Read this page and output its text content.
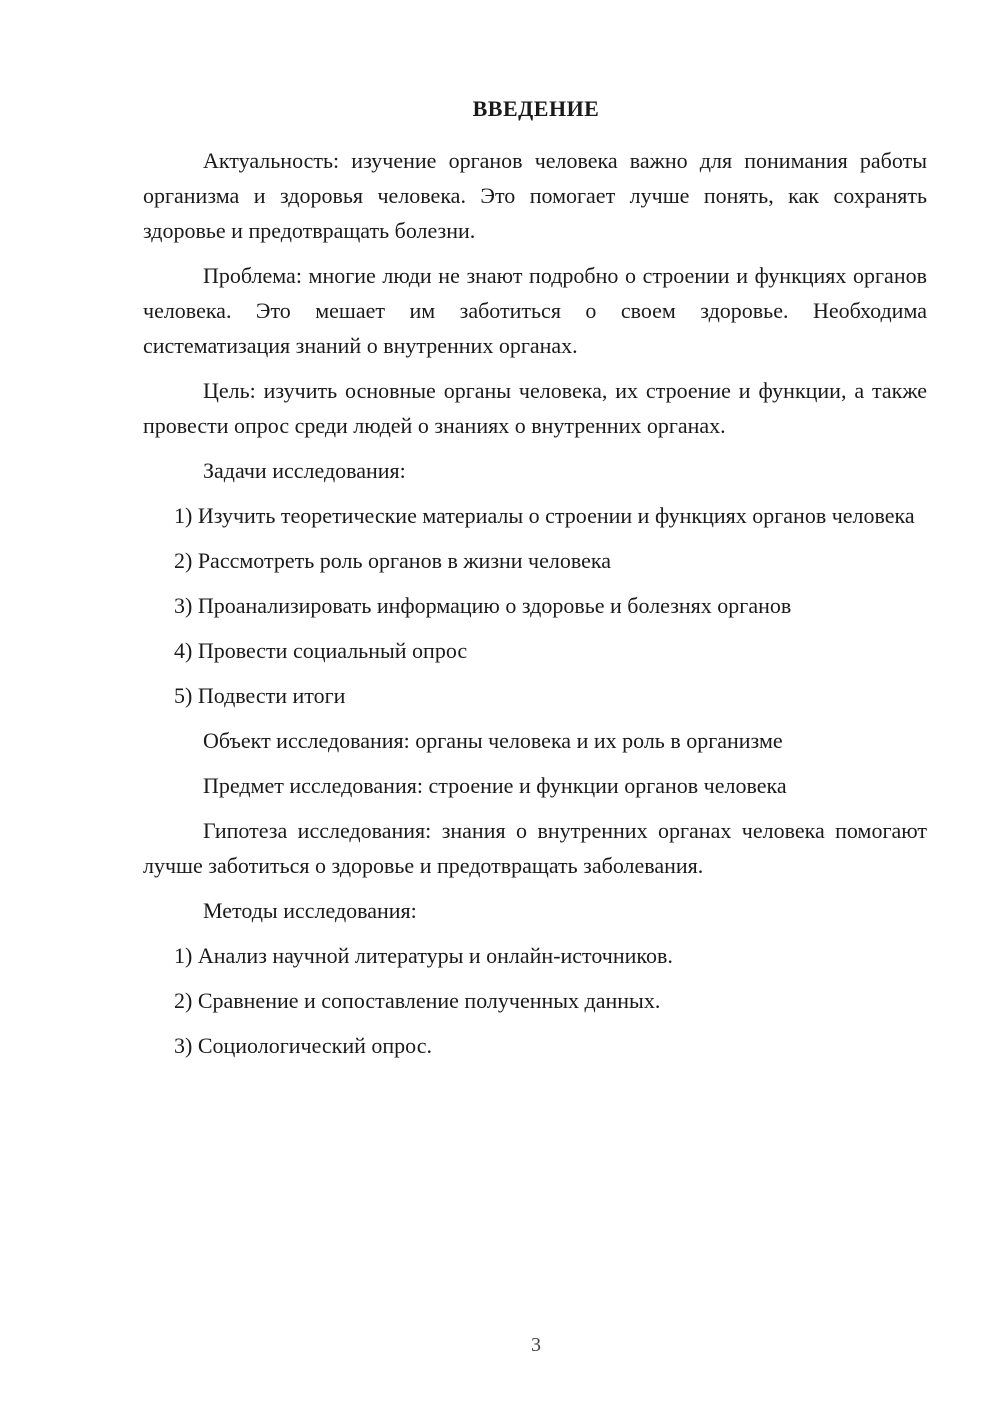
ВВЕДЕНИЕ

Актуальность: изучение органов человека важно для понимания работы организма и здоровья человека. Это помогает лучше понять, как сохранять здоровье и предотвращать болезни.

Проблема: многие люди не знают подробно о строении и функциях органов человека. Это мешает им заботиться о своем здоровье. Необходима систематизация знаний о внутренних органах.

Цель: изучить основные органы человека, их строение и функции, а также провести опрос среди людей о знаниях о внутренних органах.

Задачи исследования:

1) Изучить теоретические материалы о строении и функциях органов человека

2) Рассмотреть роль органов в жизни человека

3) Проанализировать информацию о здоровье и болезнях органов

4) Провести социальный опрос

5) Подвести итоги

Объект исследования: органы человека и их роль в организме

Предмет исследования: строение и функции органов человека

Гипотеза исследования: знания о внутренних органах человека помогают лучше заботиться о здоровье и предотвращать заболевания.

Методы исследования:

1) Анализ научной литературы и онлайн-источников.

2) Сравнение и сопоставление полученных данных.

3) Социологический опрос.

3
